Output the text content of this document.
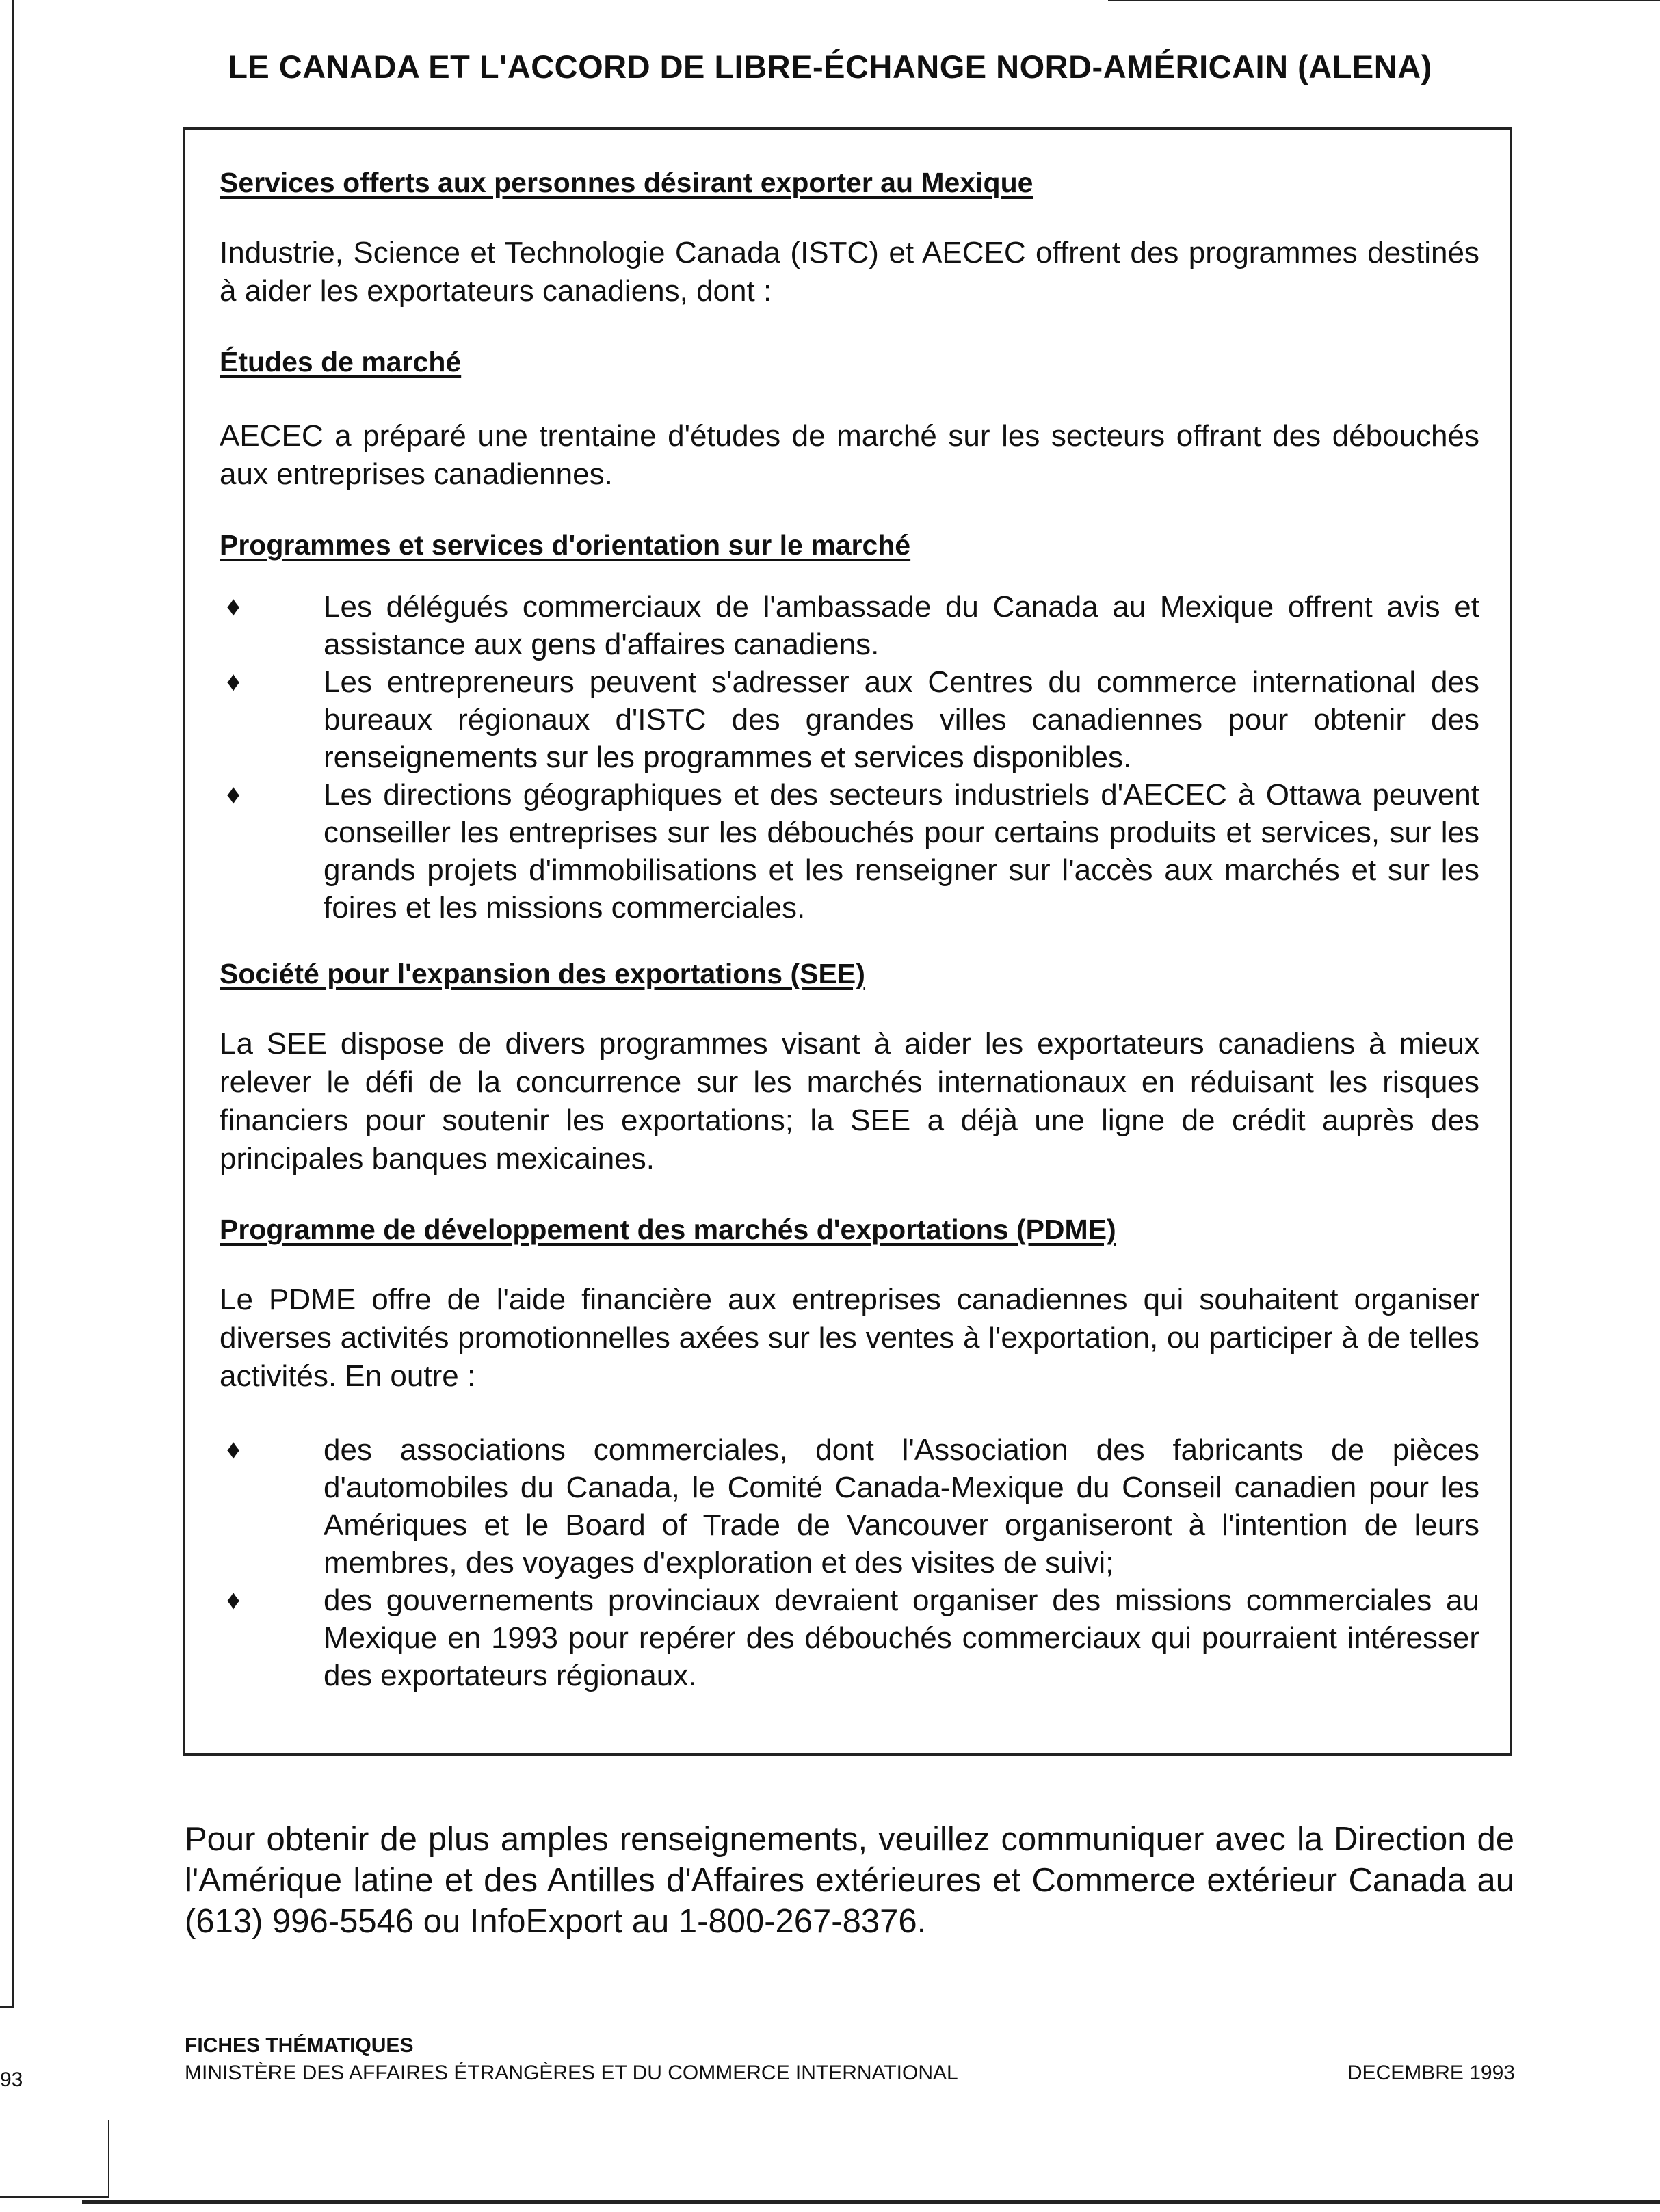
LE CANADA ET L'ACCORD DE LIBRE-ÉCHANGE NORD-AMÉRICAIN (ALENA)

Services offerts aux personnes désirant exporter au Mexique

Industrie, Science et Technologie Canada (ISTC) et AECEC offrent des programmes destinés à aider les exportateurs canadiens, dont :

Études de marché

AECEC a préparé une trentaine d'études de marché sur les secteurs offrant des débouchés aux entreprises canadiennes.

Programmes et services d'orientation sur le marché

♦	Les délégués commerciaux de l'ambassade du Canada au Mexique offrent avis et assistance aux gens d'affaires canadiens.
♦	Les entrepreneurs peuvent s'adresser aux Centres du commerce international des bureaux régionaux d'ISTC des grandes villes canadiennes pour obtenir des renseignements sur les programmes et services disponibles.
♦	Les directions géographiques et des secteurs industriels d'AECEC à Ottawa peuvent conseiller les entreprises sur les débouchés pour certains produits et services, sur les grands projets d'immobilisations et les renseigner sur l'accès aux marchés et sur les foires et les missions commerciales.

Société pour l'expansion des exportations (SEE)

La SEE dispose de divers programmes visant à aider les exportateurs canadiens à mieux relever le défi de la concurrence sur les marchés internationaux en réduisant les risques financiers pour soutenir les exportations; la SEE a déjà une ligne de crédit auprès des principales banques mexicaines.

Programme de développement des marchés d'exportations (PDME)

Le PDME offre de l'aide financière aux entreprises canadiennes qui souhaitent organiser diverses activités promotionnelles axées sur les ventes à l'exportation, ou participer à de telles activités. En outre :

♦	des associations commerciales, dont l'Association des fabricants de pièces d'automobiles du Canada, le Comité Canada-Mexique du Conseil canadien pour les Amériques et le Board of Trade de Vancouver organiseront à l'intention de leurs membres, des voyages d'exploration et des visites de suivi;
♦	des gouvernements provinciaux devraient organiser des missions commerciales au Mexique en 1993 pour repérer des débouchés commerciaux qui pourraient intéresser des exportateurs régionaux.

Pour obtenir de plus amples renseignements, veuillez communiquer avec la Direction de l'Amérique latine et des Antilles d'Affaires extérieures et Commerce extérieur Canada au (613) 996-5546 ou InfoExport au 1-800-267-8376.

FICHES THÉMATIQUES
MINISTÈRE DES AFFAIRES ÉTRANGÈRES ET DU COMMERCE INTERNATIONAL	DECEMBRE 1993
93
